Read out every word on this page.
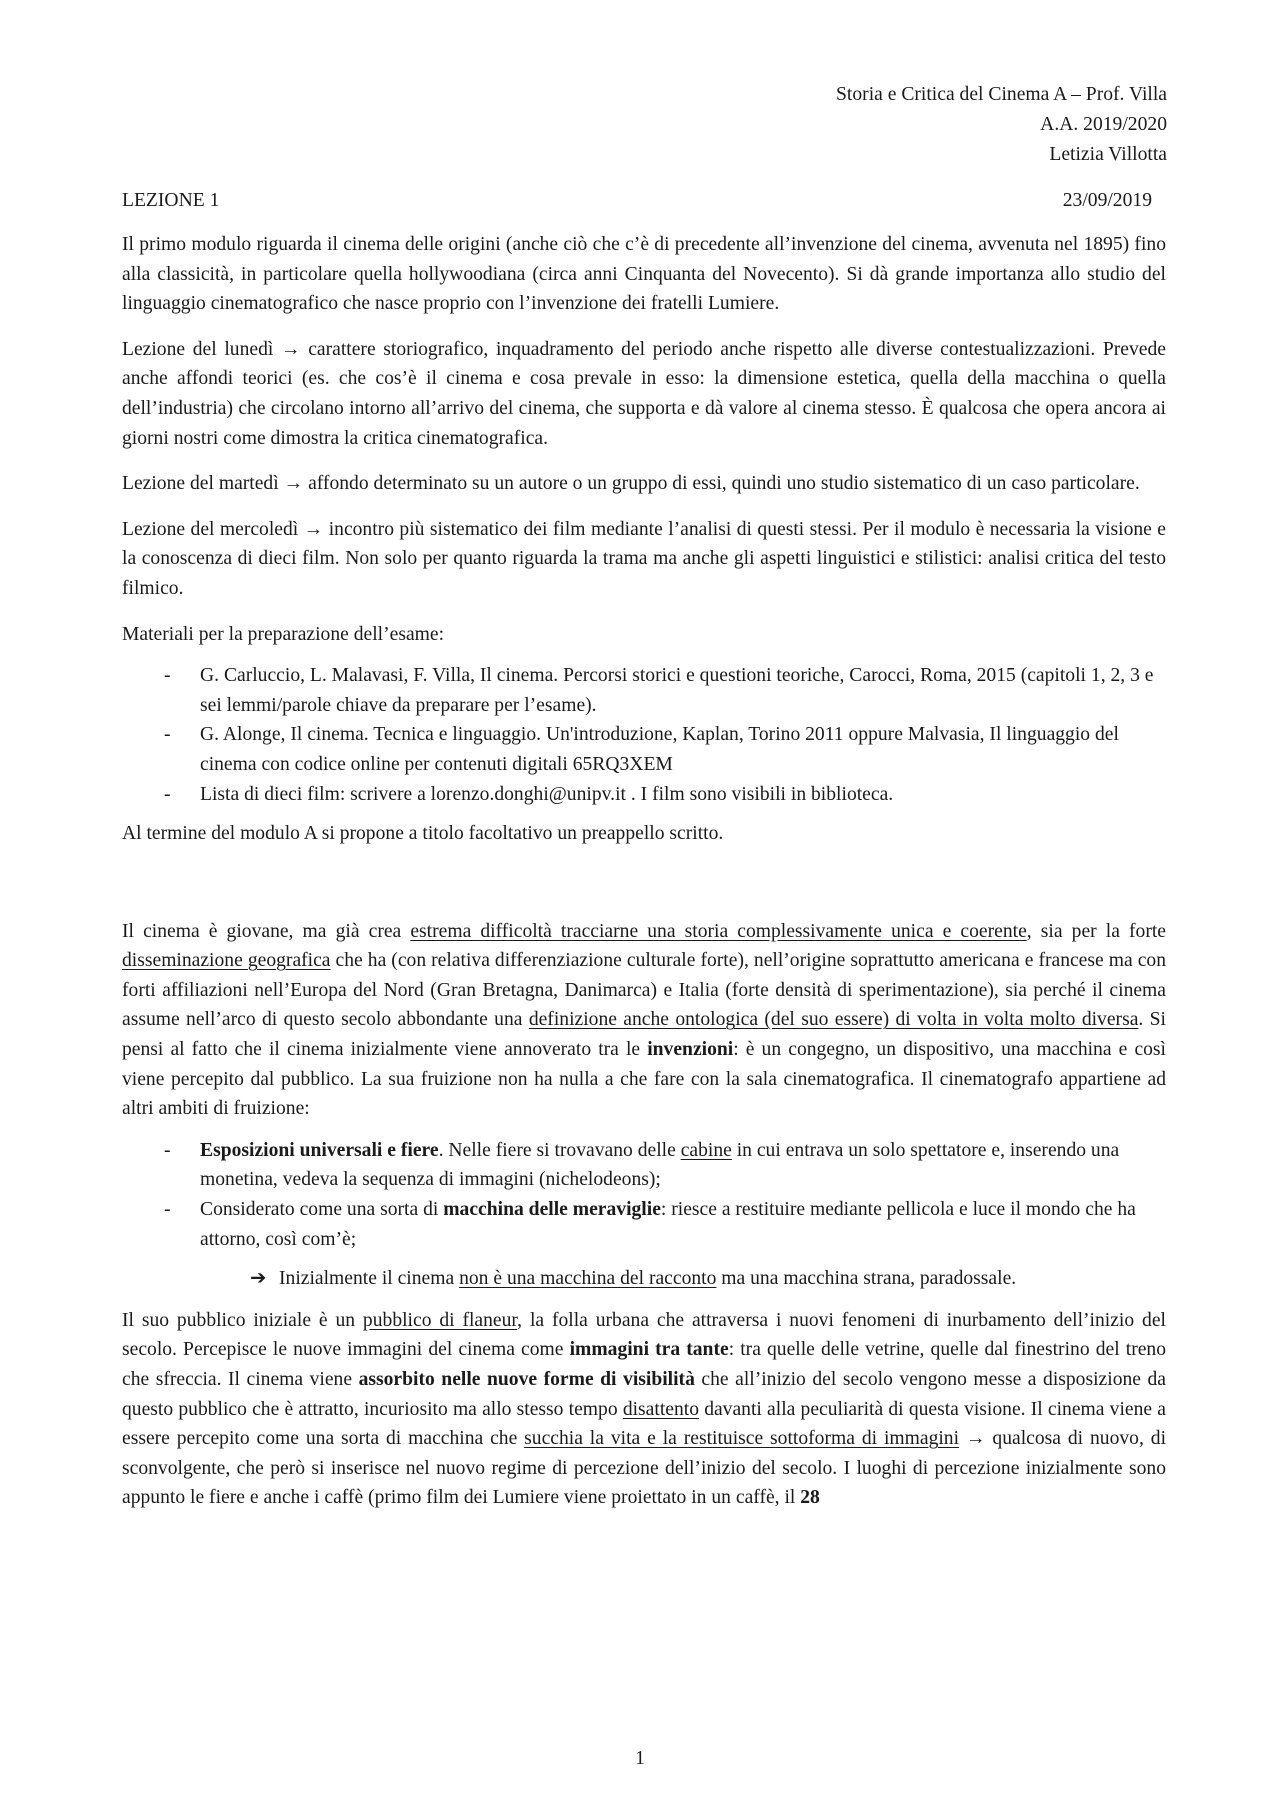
Storia e Critica del Cinema A – Prof. Villa
A.A. 2019/2020
Letizia Villotta
LEZIONE 1	23/09/2019

Il primo modulo riguarda il cinema delle origini (anche ciò che c’è di precedente all’invenzione del cinema, avvenuta nel 1895) fino alla classicità, in particolare quella hollywoodiana (circa anni Cinquanta del Novecento). Si dà grande importanza allo studio del linguaggio cinematografico che nasce proprio con l’invenzione dei fratelli Lumiere.

Lezione del lunedì → carattere storiografico, inquadramento del periodo anche rispetto alle diverse contestualizzazioni. Prevede anche affondi teorici (es. che cos’è il cinema e cosa prevale in esso: la dimensione estetica, quella della macchina o quella dell’industria) che circolano intorno all’arrivo del cinema, che supporta e dà valore al cinema stesso. È qualcosa che opera ancora ai giorni nostri come dimostra la critica cinematografica.

Lezione del martedì → affondo determinato su un autore o un gruppo di essi, quindi uno studio sistematico di un caso particolare.

Lezione del mercoledì → incontro più sistematico dei film mediante l’analisi di questi stessi. Per il modulo è necessaria la visione e la conoscenza di dieci film. Non solo per quanto riguarda la trama ma anche gli aspetti linguistici e stilistici: analisi critica del testo filmico.

Materiali per la preparazione dell’esame:

- G. Carluccio, L. Malavasi, F. Villa, Il cinema. Percorsi storici e questioni teoriche, Carocci, Roma, 2015 (capitoli 1, 2, 3 e sei lemmi/parole chiave da preparare per l’esame).
- G. Alonge, Il cinema. Tecnica e linguaggio. Un'introduzione, Kaplan, Torino 2011 oppure Malvasia, Il linguaggio del cinema con codice online per contenuti digitali 65RQ3XEM
- Lista di dieci film: scrivere a lorenzo.donghi@unipv.it . I film sono visibili in biblioteca.

Al termine del modulo A si propone a titolo facoltativo un preappello scritto.

Il cinema è giovane, ma già crea estrema difficoltà tracciarne una storia complessivamente unica e coerente, sia per la forte disseminazione geografica che ha (con relativa differenziazione culturale forte), nell’origine soprattutto americana e francese ma con forti affiliazioni nell’Europa del Nord (Gran Bretagna, Danimarca) e Italia (forte densità di sperimentazione), sia perché il cinema assume nell’arco di questo secolo abbondante una definizione anche ontologica (del suo essere) di volta in volta molto diversa. Si pensi al fatto che il cinema inizialmente viene annoverato tra le invenzioni: è un congegno, un dispositivo, una macchina e così viene percepito dal pubblico. La sua fruizione non ha nulla a che fare con la sala cinematografica. Il cinematografo appartiene ad altri ambiti di fruizione:

- Esposizioni universali e fiere. Nelle fiere si trovavano delle cabine in cui entrava un solo spettatore e, inserendo una monetina, vedeva la sequenza di immagini (nichelodeons);
- Considerato come una sorta di macchina delle meraviglie: riesce a restituire mediante pellicola e luce il mondo che ha attorno, così com’è;
➔ Inizialmente il cinema non è una macchina del racconto ma una macchina strana, paradossale.

Il suo pubblico iniziale è un pubblico di flaneur, la folla urbana che attraversa i nuovi fenomeni di inurbamento dell’inizio del secolo. Percepisce le nuove immagini del cinema come immagini tra tante: tra quelle delle vetrine, quelle dal finestrino del treno che sfreccia. Il cinema viene assorbito nelle nuove forme di visibilità che all’inizio del secolo vengono messe a disposizione da questo pubblico che è attratto, incuriosito ma allo stesso tempo disattento davanti alla peculiarità di questa visione. Il cinema viene a essere percepito come una sorta di macchina che succhia la vita e la restituisce sottoforma di immagini → qualcosa di nuovo, di sconvolgente, che però si inserisce nel nuovo regime di percezione dell’inizio del secolo. I luoghi di percezione inizialmente sono appunto le fiere e anche i caffè (primo film dei Lumiere viene proiettato in un caffè, il 28

1
